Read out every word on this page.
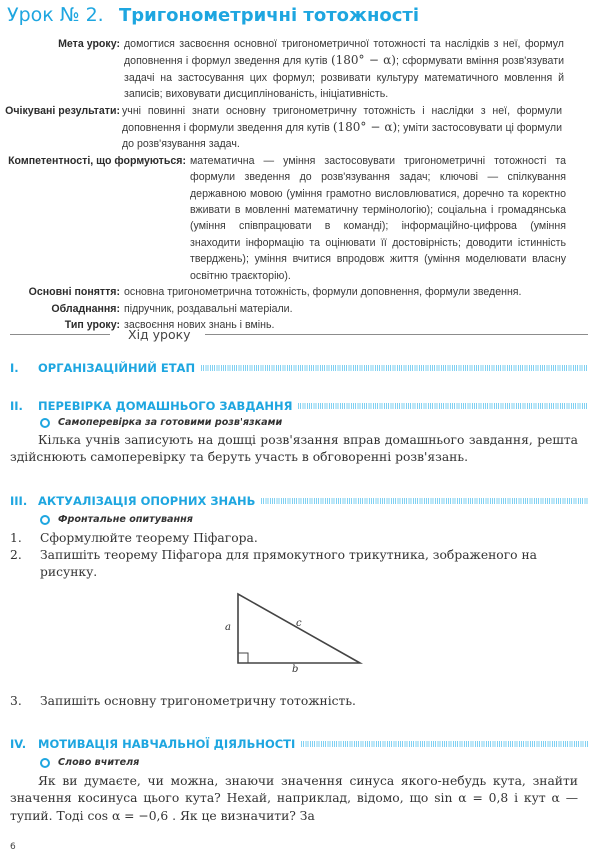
Урок № 2. Тригонометричні тотожності
Мета уроку: домогтися засвоєння основної тригонометричної тотожності та наслідків з неї, формул доповнення і формул зведення для кутів (180° − α); сформувати вміння розв'язувати задачі на застосування цих формул; розвивати культуру математичного мовлення й записів; виховувати дисциплінованість, ініціативність.
Очікувані результати: учні повинні знати основну тригонометричну тотожність і наслідки з неї, формули доповнення і формули зведення для кутів (180° − α); уміти застосовувати ці формули до розв'язування задач.
Компетентності, що формуються: математична — уміння застосовувати тригонометричні тотожності та формули зведення до розв'язування задач; ключові — спілкування державною мовою (уміння грамотно висловлюватися, доречно та коректно вживати в мовленні математичну термінологію); соціальна і громадянська (уміння співпрацювати в команді); інформаційно-цифрова (уміння знаходити інформацію та оцінювати її достовірність; доводити істинність тверджень); уміння вчитися впродовж життя (уміння моделювати власну освітню траєкторію).
Основні поняття: основна тригонометрична тотожність, формули доповнення, формули зведення.
Обладнання: підручник, роздавальні матеріали.
Тип уроку: засвоєння нових знань і вмінь.
Хід уроку
I.	ОРГАНІЗАЦІЙНИЙ ЕТАП
II.	ПЕРЕВІРКА ДОМАШНЬОГО ЗАВДАННЯ
Самоперевірка за готовими розв'язками
Кілька учнів записують на дошці розв'язання вправ домашнього завдання, решта здійснюють самоперевірку та беруть участь в обговоренні розв'язань.
III. АКТУАЛІЗАЦІЯ ОПОРНИХ ЗНАНЬ
Фронтальне опитування
1.	Сформулюйте теорему Піфагора.
2.	Запишіть теорему Піфагора для прямокутного трикутника, зображеного на рисунку.
a
b
c
3.	Запишіть основну тригонометричну тотожність.
IV.	МОТИВАЦІЯ НАВЧАЛЬНОЇ ДІЯЛЬНОСТІ
Слово вчителя
Як ви думаєте, чи можна, знаючи значення синуса якого-небудь кута, знайти значення косинуса цього кута? Нехай, наприклад, відомо, що sin α = 0,8 і кут α — тупий. Тоді cos α = −0,6 . Як це визначити? За
6
